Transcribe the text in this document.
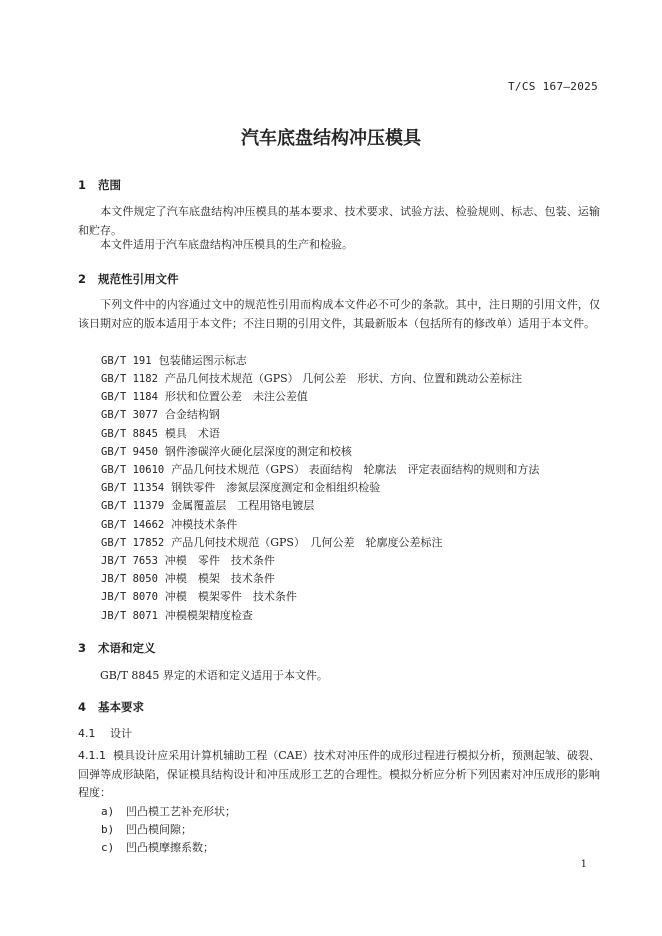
T/CS 167—2025
汽车底盘结构冲压模具
1 范围
本文件规定了汽车底盘结构冲压模具的基本要求、技术要求、试验方法、检验规则、标志、包装、运输和贮存。
本文件适用于汽车底盘结构冲压模具的生产和检验。
2 规范性引用文件
下列文件中的内容通过文中的规范性引用而构成本文件必不可少的条款。其中，注日期的引用文件，仅该日期对应的版本适用于本文件；不注日期的引用文件，其最新版本（包括所有的修改单）适用于本文件。
GB/T 191 包装储运图示标志
GB/T 1182 产品几何技术规范（GPS） 几何公差　形状、方向、位置和跳动公差标注
GB/T 1184 形状和位置公差　未注公差值
GB/T 3077 合金结构钢
GB/T 8845 模具　术语
GB/T 9450 钢件渗碳淬火硬化层深度的测定和校核
GB/T 10610 产品几何技术规范（GPS） 表面结构　轮廓法　评定表面结构的规则和方法
GB/T 11354 钢铁零件　渗氮层深度测定和金相组织检验
GB/T 11379 金属覆盖层　工程用铬电镀层
GB/T 14662 冲模技术条件
GB/T 17852 产品几何技术规范（GPS）　几何公差　轮廓度公差标注
JB/T 7653 冲模　零件　技术条件
JB/T 8050 冲模　模架　技术条件
JB/T 8070 冲模　模架零件　技术条件
JB/T 8071 冲模模架精度检查
3 术语和定义
GB/T 8845 界定的术语和定义适用于本文件。
4 基本要求
4.1 设计
4.1.1 模具设计应采用计算机辅助工程（CAE）技术对冲压件的成形过程进行模拟分析，预测起皱、破裂、回弹等成形缺陷，保证模具结构设计和冲压成形工艺的合理性。模拟分析应分析下列因素对冲压成形的影响程度：
a) 凹凸模工艺补充形状；
b) 凹凸模间隙；
c) 凹凸模摩擦系数；
1
